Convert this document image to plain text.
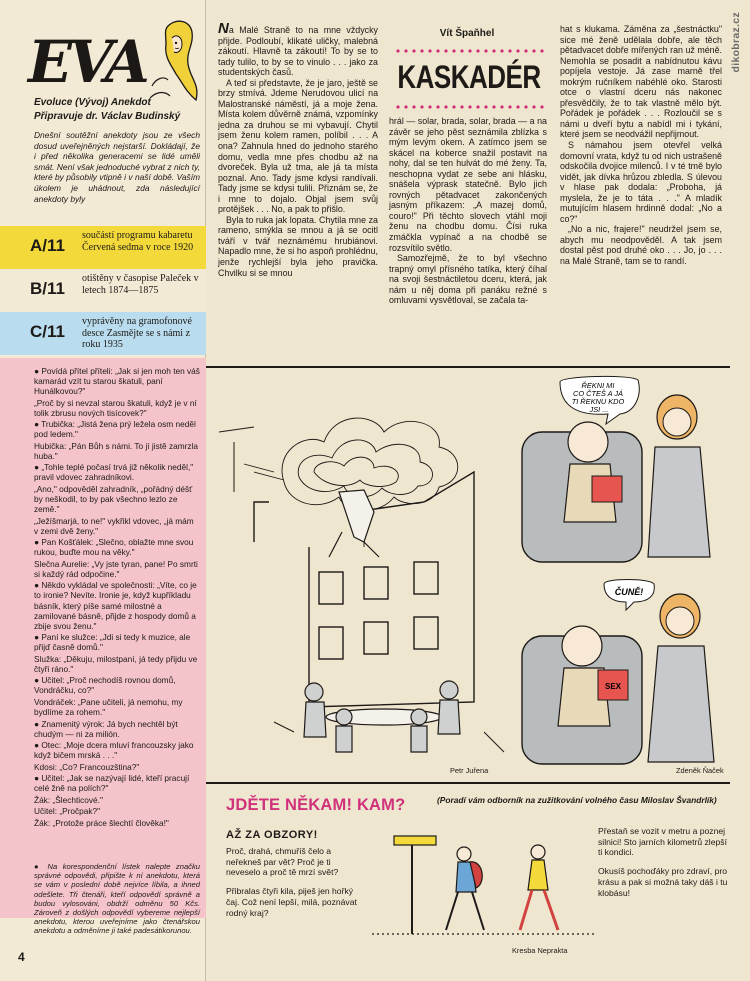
EVA
Evoluce (Vývoj) Anekdot
Připravuje dr. Václav Budinský
Dnešní soutěžní anekdoty jsou ze všech dosud uveřejněných nejstarší. Dokládají, že i před několika generacemi se lidé uměli smát. Není však jednoduché vybrat z nich ty, které by působily vtipně i v naší době. Vaším úkolem je uhádnout, zda následující anekdoty byly
A/11
součástí programu kabaretu Červená sedma v roce 1920
B/11
otištěny v časopise Paleček v letech 1874—1875
C/11
vyprávěny na gramofonové desce Zasmějte se s námi z roku 1935

● Povídá přítel příteli: „Jak si jen moh ten váš kamarád vzít tu starou škatuli, paní Hunálkovou?"

„Proč by si nevzal starou škatuli, když je v ní tolik zbrusu nových tisícovek?"

● Trubička: „Jistá žena prý ležela osm neděl pod ledem."

Hubička: „Pán Bůh s námi. To jí jistě zamrzla huba."

● „Tohle teplé počasí trvá již několik neděl," pravil vdovec zahradníkovi.

„Ano," odpověděl zahradník, „pořádný déšť by neškodil, to by pak všechno lezlo ze země."

„Ježíšmarjá, to ne!" vykřikl vdovec, „já mám v zemi dvě ženy."

● Pan Košťálek: „Slečno, oblažte mne svou rukou, buďte mou na věky."

Slečna Aurelie: „Vy jste tyran, pane! Po smrti si každý rád odpočine."

● Někdo vykládal ve společnosti: „Víte, co je to ironie? Nevíte. Ironie je, když kupříkladu básník, který píše samé milostné a zamilované básně, přijde z hospody domů a zbije svou ženu."

● Paní ke služce: „Jdi si tedy k muzice, ale přijď časně domů."

Služka: „Děkuju, milostpaní, já tedy přijdu ve čtyři ráno."

● Učitel: „Proč nechodíš rovnou domů, Vondráčku, co?"

Vondráček: „Pane učiteli, já nemohu, my bydlíme za rohem."

● Znamenitý výrok: Já bych nechtěl být chudým — ni za milión.

● Otec: „Moje dcera mluví francouzsky jako když bičem mrská . . ."

Kdosi: „Co? Francouzština?"

● Učitel: „Jak se nazývají lidé, kteří pracují celé žně na polích?"

Žák: „Šlechticové."

Učitel: „Pročpak?"

Žák: „Protože práce šlechtí člověka!"

● Na korespondenční lístek nalepte značku správné odpovědi, připište k ní anekdotu, která se vám v poslední době nejvíce líbila, a ihned odešlete. Tři čtenáři, kteří odpovědí správně a budou vylosováni, obdrží odměnu 50 Kčs. Zároveň z došlých odpovědí vybereme nejlepší anekdotu, kterou uveřejníme jako čtenářskou anekdotu a odměníme ji také padesátikorunou.
4
Vít Špaňhel
KASKADÉR

Na Malé Straně to na mne vždycky přijde. Podloubí, klikaté uličky, malebná zákoutí. Hlavně ta zákoutí! To by se to tady tulilo, to by se to vinulo . . . jako za studentských časů.

A teď si představte, že je jaro, ještě se brzy stmívá. Jdeme Nerudovou ulicí na Malostranské náměstí, já a moje žena. Místa kolem důvěrně známá, vzpomínky jedna za druhou se mi vybavují. Chytil jsem ženu kolem ramen, políbil . . . A ona? Zahnula hned do jednoho starého domu, vedla mne přes chodbu až na dvoreček. Byla už tma, ale já ta místa poznal. Ano. Tady jsme kdysi randívali. Tady jsme se kdysi tulili. Přiznám se, že i mne to dojalo. Objal jsem svůj protějšek . . . No, a pak to přišlo.

Byla to ruka jak lopata. Chytila mne za rameno, smýkla se mnou a já se ocitl tváří v tvář neznámému hrubiánovi. Napadlo mne, že si ho aspoň prohlédnu, jenže rychlejší byla jeho pravička. Chvilku si se mnou

hrál — solar, brada, solar, brada — a na závěr se jeho pěst seznámila zblízka s mým levým okem. A zatímco jsem se skácel na koberce snažil postavit na nohy, dal se ten hulvát do mé ženy. Ta, neschopna vydat ze sebe ani hlásku, snášela výprask statečně. Bylo jich rovných pětadvacet zakončených jasným příkazem: „A mazej domů, couro!" Při těchto slovech vtáhl moji ženu na chodbu domu. Čísi ruka zmáčkla vypínač a na chodbě se rozsvítilo světlo.

Samozřejmě, že to byl všechno trapný omyl přísného tatíka, který číhal na svoji šestnáctiletou dceru, která, jak nám u něj doma při panáku režné s omluvami vysvětloval, se začala ta-

hat s klukama. Záměna za „šestnáctku" sice mé ženě udělala dobře, ale těch pětadvacet dobře mířených ran už méně. Nemohla se posadit a nabídnutou kávu popíjela vestoje. Já zase marně třel mokrým ručníkem nabéhlé oko. Starosti otce o vlastní dceru nás nakonec přesvědčily, že to tak vlastně mělo být. Pořádek je pořádek . . . Rozloučil se s námi u dveří bytu a nabídl mi i tykání, které jsem se neodvážil nepřijmout.

S námahou jsem otevřel velká domovní vrata, když tu od nich ustrašeně odskočila dvojice milenců. I v té tmě bylo vidět, jak dívka hrůzou zbledla. S úlevou v hlase pak dodala: „Proboha, já myslela, že je to táta . . ." A mladík mutujícím hlasem hrdinně dodal: „No a co?"

„No a nic, frajere!" neudržel jsem se, abych mu neodpověděl. A tak jsem dostal pěst pod druhé oko . . . Jo, jo . . . na Malé Straně, tam se to randí.

dikobraz.cz
Petr Juřena
ŘEKNI MI CO ČTEŠ A JÁ TI ŘEKNU KDO JSI ...
SEX
ČUNĚ!
Zdeněk Ňaček
JDĚTE NĚKAM! KAM?	(Poradí vám odborník na zužitkování volného času Miloslav Švandrlík)
AŽ ZA OBZORY!

Proč, drahá, chmuříš čelo a neřekneš par vět? Proč je ti neveselo a proč tě mrzí svět?

Přibralas čtyři kila, piješ jen hořký čaj. Což není lepší, milá, poznávat rodný kraj?

Kresba Neprakta

Přestaň se vozit v metru a poznej silnici! Sto jarních kilometrů zlepší ti kondici.

Okusíš pochoďáky pro zdraví, pro krásu a pak si možná taky dáš i tu klobásu!
